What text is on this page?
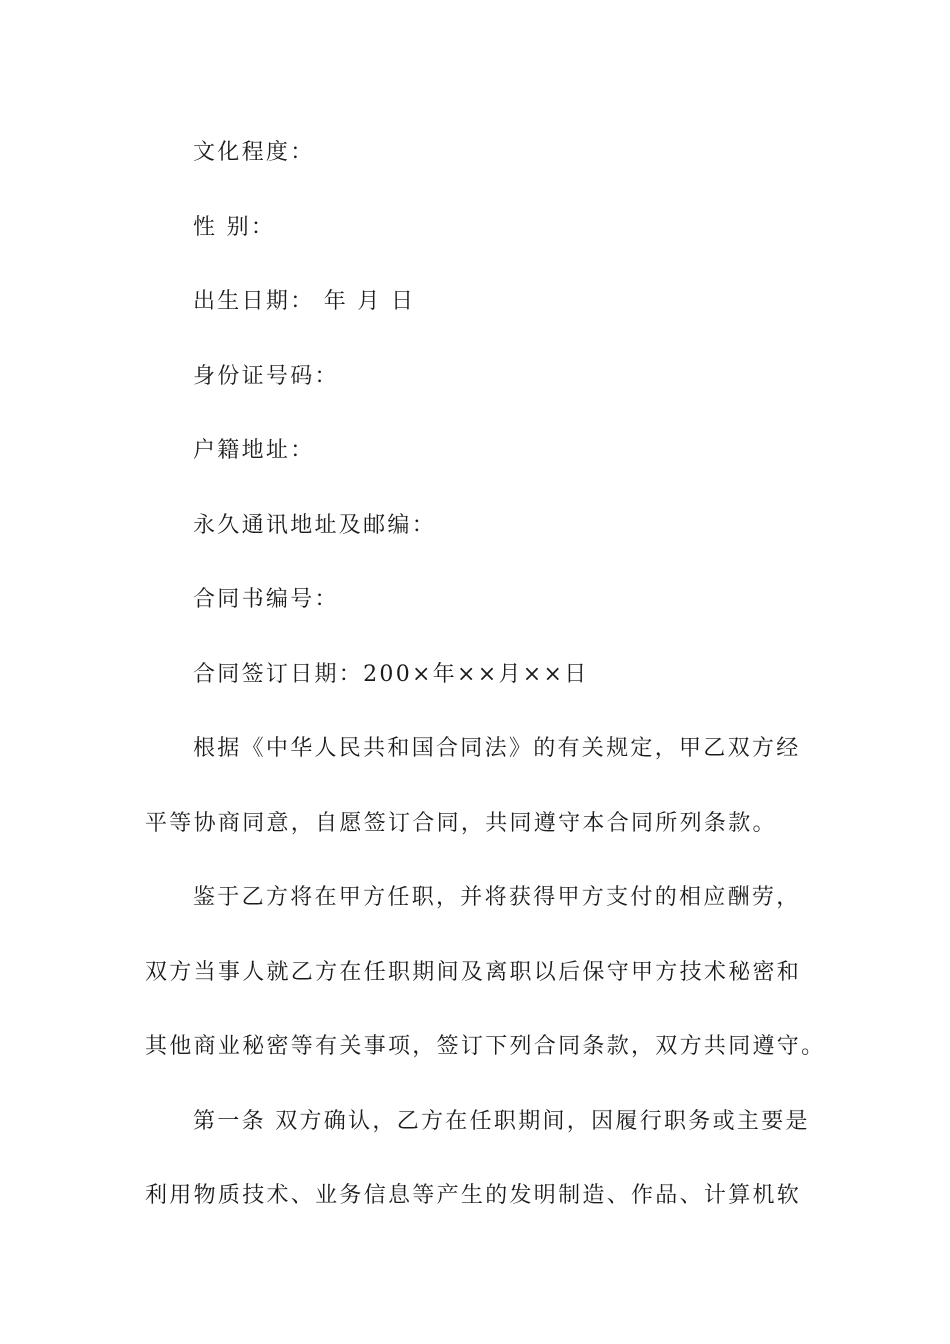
文化程度：
性 别：
出生日期： 年 月 日
身份证号码：
户籍地址：
永久通讯地址及邮编：
合同书编号：
合同签订日期：200×年××月××日
根据《中华人民共和国合同法》的有关规定，甲乙双方经
平等协商同意，自愿签订合同，共同遵守本合同所列条款。
鉴于乙方将在甲方任职，并将获得甲方支付的相应酬劳，
双方当事人就乙方在任职期间及离职以后保守甲方技术秘密和
其他商业秘密等有关事项，签订下列合同条款，双方共同遵守。
第一条 双方确认，乙方在任职期间，因履行职务或主要是
利用物质技术、业务信息等产生的发明制造、作品、计算机软
